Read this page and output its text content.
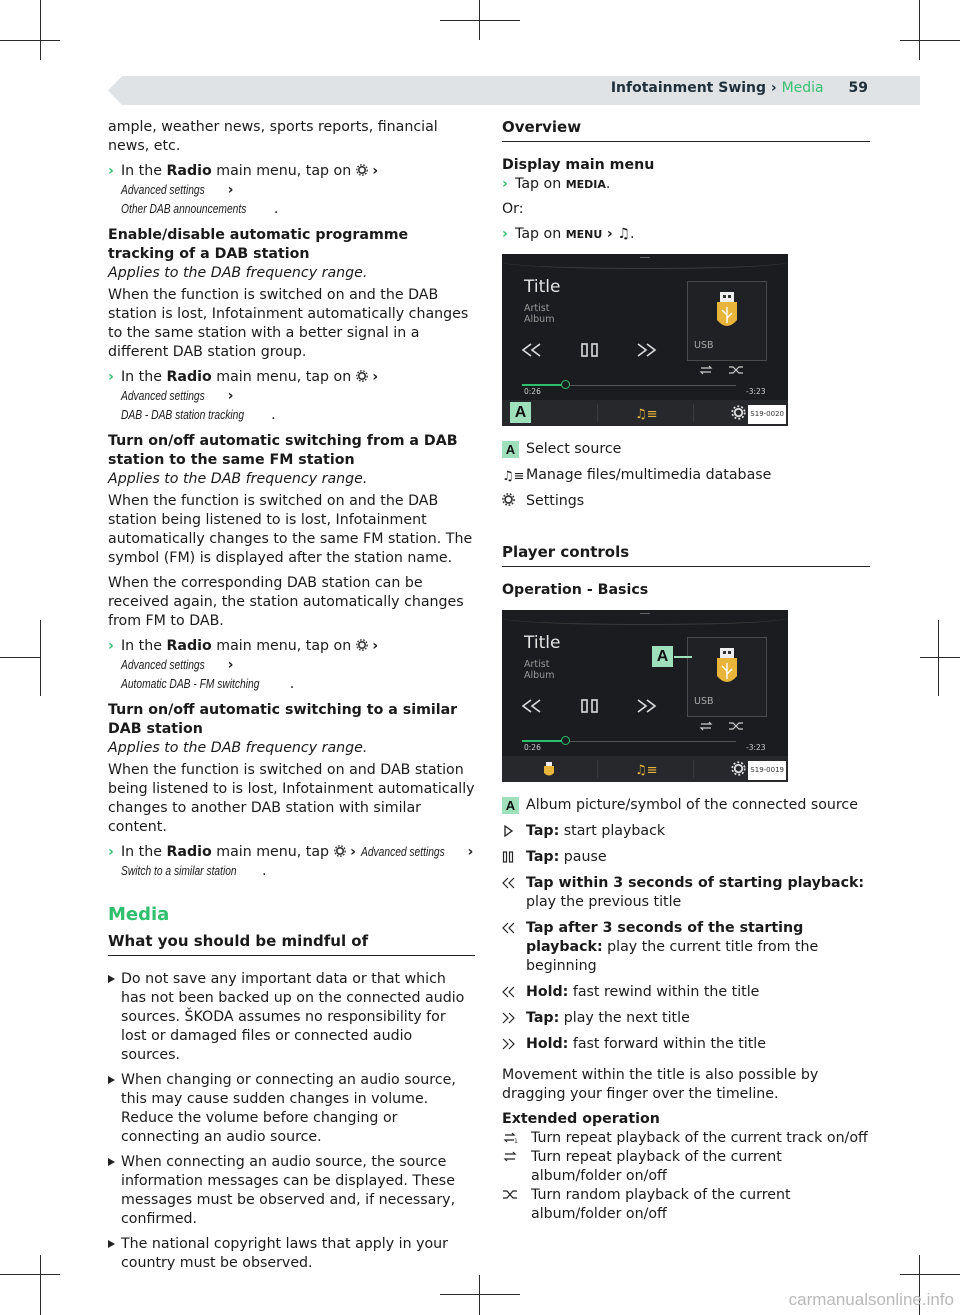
Infotainment Swing › Media 59

ample, weather news, sports reports, financial news, etc.

› In the Radio main menu, tap on  › Advanced settings ›
Other DAB announcements .

Enable/disable automatic programme tracking of a DAB station

Applies to the DAB frequency range.

When the function is switched on and the DAB station is lost, Infotainment automatically changes to the same station with a better signal in a different DAB station group.

› In the Radio main menu, tap on  › Advanced settings ›
DAB - DAB station tracking .

Turn on/off automatic switching from a DAB station to the same FM station

Applies to the DAB frequency range.

When the function is switched on and the DAB station being listened to is lost, Infotainment automatically changes to the same FM station. The symbol (FM) is displayed after the station name.

When the corresponding DAB station can be received again, the station automatically changes from FM to DAB.

› In the Radio main menu, tap on  › Advanced settings ›
Automatic DAB - FM switching .

Turn on/off automatic switching to a similar DAB station

Applies to the DAB frequency range.

When the function is switched on and DAB station being listened to is lost, Infotainment automatically changes to another DAB station with similar content.

› In the Radio main menu, tap  › Advanced settings ›
Switch to a similar station .
Media
What you should be mindful of
Do not save any important data or that which has not been backed up on the connected audio sources. ŠKODA assumes no responsibility for lost or damaged files or connected audio sources.
When changing or connecting an audio source, this may cause sudden changes in volume. Reduce the volume before changing or connecting an audio source.
When connecting an audio source, the source information messages can be displayed. These messages must be observed and, if necessary, confirmed.
The national copyright laws that apply in your country must be observed.
Overview

Display main menu

› Tap on MEDIA.

Or:

› Tap on MENU › ♫.
Title
Artist
Album
USB
0:26	-3:23
A	♫≡	S19-0020
A Select source
♫≡ Manage files/multimedia database
Settings
Player controls

Operation - Basics

Title
Artist
Album
USB
A
0:26	-3:23
♫≡	S19-0019
A Album picture/symbol of the connected source
Tap: start playback
Tap: pause
Tap within 3 seconds of starting playback: play the previous title
Tap after 3 seconds of the starting playback: play the current title from the beginning
Hold: fast rewind within the title
Tap: play the next title
Hold: fast forward within the title

Movement within the title is also possible by dragging your finger over the timeline.

Extended operation

1 Turn repeat playback of the current track on/off
Turn repeat playback of the current album/folder on/off
Turn random playback of the current album/folder on/off
carmanualsonline.info
